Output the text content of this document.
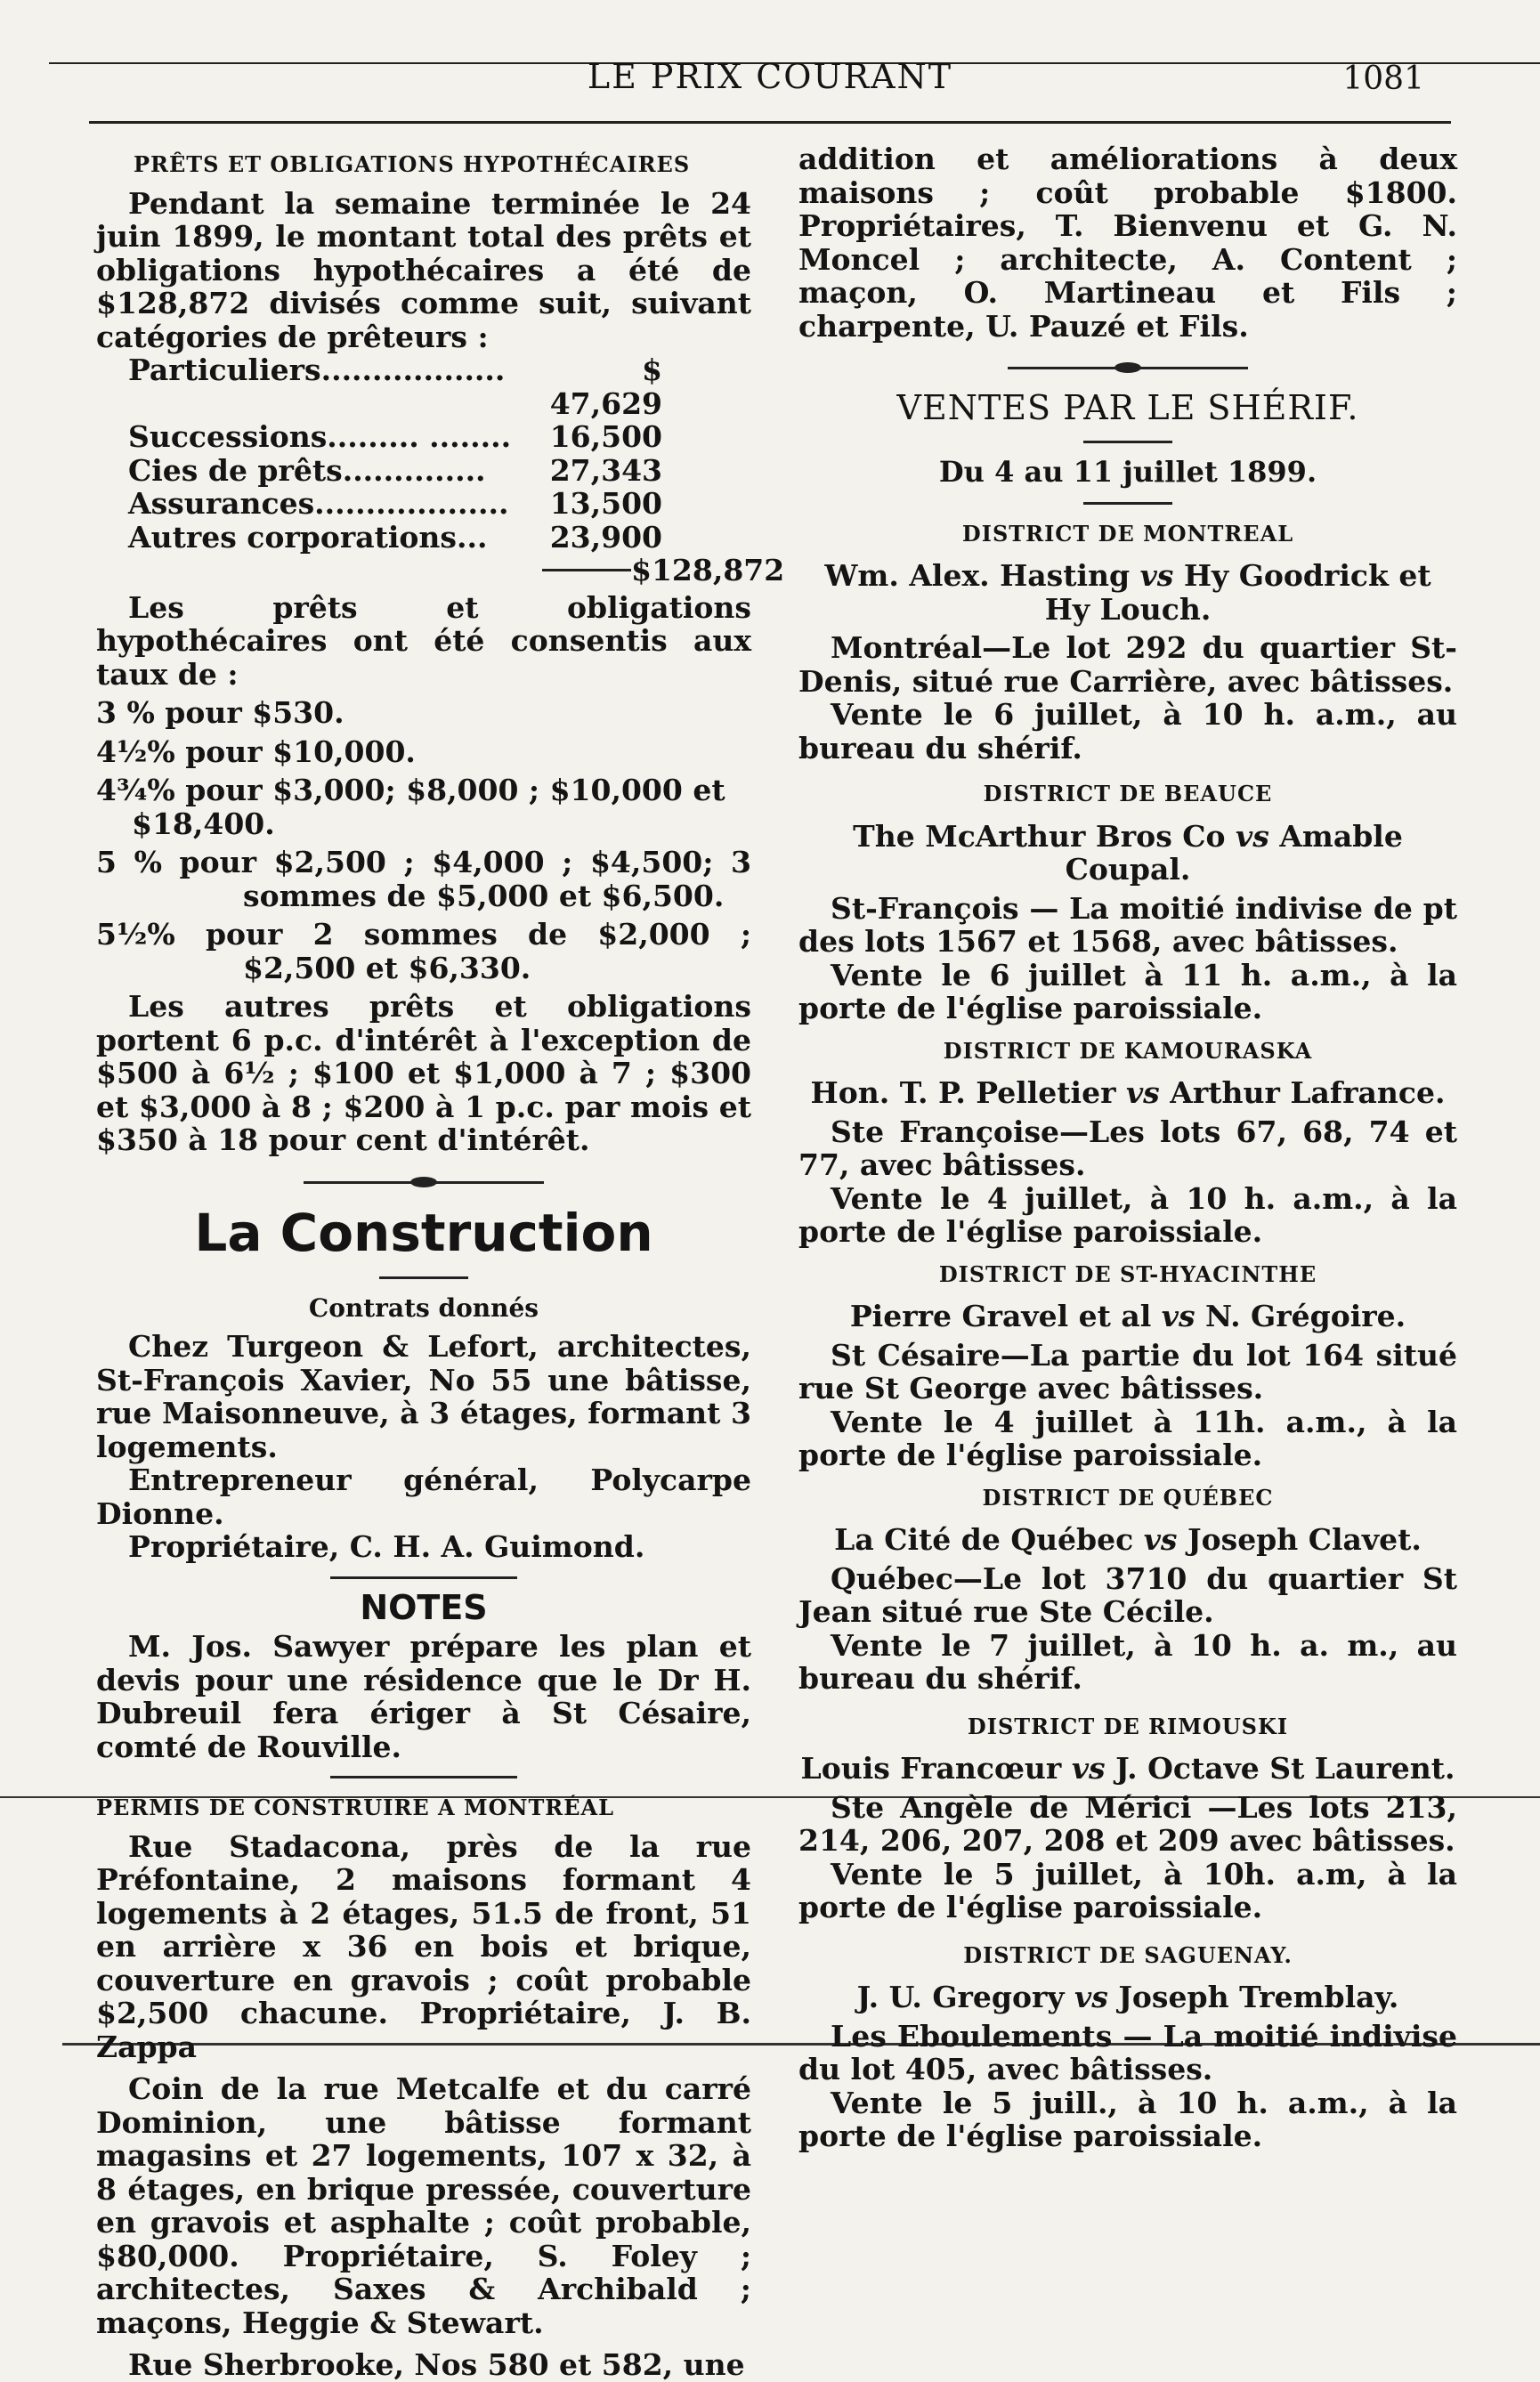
LE PRIX COURANT	1081

PRÊTS ET OBLIGATIONS HYPOTHÉCAIRES

Pendant la semaine terminée le 24 juin 1899, le montant total des prêts et obligations hypothécaires a été de $128,872 divisés comme suit, suivant catégories de prêteurs :

Particuliers..................	$ 47,629
Successions......... ........	16,500
Cies de prêts..............	27,343
Assurances...................	13,500
Autres corporations...	23,900
$128,872

Les prêts et obligations hypothécaires ont été consentis aux taux de :

3 % pour $530.

4½% pour $10,000.

4¾% pour $3,000; $8,000 ; $10,000 et $18,400.

5 % pour $2,500 ; $4,000 ; $4,500; 3 sommes de $5,000 et $6,500.

5½% pour 2 sommes de $2,000 ; $2,500 et $6,330.

Les autres prêts et obligations portent 6 p.c. d'intérêt à l'exception de $500 à 6½ ; $100 et $1,000 à 7 ; $300 et $3,000 à 8 ; $200 à 1 p.c. par mois et $350 à 18 pour cent d'intérêt.

La Construction

Contrats donnés

Chez Turgeon & Lefort, architectes, St-François Xavier, No 55 une bâtisse, rue Maisonneuve, à 3 étages, formant 3 logements.

Entrepreneur général, Polycarpe Dionne.

Propriétaire, C. H. A. Guimond.

NOTES

M. Jos. Sawyer prépare les plan et devis pour une résidence que le Dr H. Dubreuil fera ériger à St Césaire, comté de Rouville.

PERMIS DE CONSTRUIRE A MONTRÉAL

Rue Stadacona, près de la rue Préfontaine, 2 maisons formant 4 logements à 2 étages, 51.5 de front, 51 en arrière x 36 en bois et brique, couverture en gravois ; coût probable $2,500 chacune. Propriétaire, J. B. Zappa

Coin de la rue Metcalfe et du carré Dominion, une bâtisse formant magasins et 27 logements, 107 x 32, à 8 étages, en brique pressée, couverture en gravois et asphalte ; coût probable, $80,000. Propriétaire, S. Foley ; architectes, Saxes & Archibald ; maçons, Heggie & Stewart.

Rue Sherbrooke, Nos 580 et 582, une

addition et améliorations à deux maisons ; coût probable $1800. Propriétaires, T. Bienvenu et G. N. Moncel ; architecte, A. Content ; maçon, O. Martineau et Fils ; charpente, U. Pauzé et Fils.

VENTES PAR LE SHÉRIF.

Du 4 au 11 juillet 1899.

DISTRICT DE MONTREAL

Wm. Alex. Hasting vs Hy Goodrick et Hy Louch.

Montréal—Le lot 292 du quartier St-Denis, situé rue Carrière, avec bâtisses.

Vente le 6 juillet, à 10 h. a.m., au bureau du shérif.

DISTRICT DE BEAUCE

The McArthur Bros Co vs Amable Coupal.

St-François — La moitié indivise de pt des lots 1567 et 1568, avec bâtisses.

Vente le 6 juillet à 11 h. a.m., à la porte de l'église paroissiale.

DISTRICT DE KAMOURASKA

Hon. T. P. Pelletier vs Arthur Lafrance.

Ste Françoise—Les lots 67, 68, 74 et 77, avec bâtisses.

Vente le 4 juillet, à 10 h. a.m., à la porte de l'église paroissiale.

DISTRICT DE ST-HYACINTHE

Pierre Gravel et al vs N. Grégoire.

St Césaire—La partie du lot 164 situé rue St George avec bâtisses.

Vente le 4 juillet à 11h. a.m., à la porte de l'église paroissiale.

DISTRICT DE QUÉBEC

La Cité de Québec vs Joseph Clavet.

Québec—Le lot 3710 du quartier St Jean situé rue Ste Cécile.

Vente le 7 juillet, à 10 h. a. m., au bureau du shérif.

DISTRICT DE RIMOUSKI

Louis Francœur vs J. Octave St Laurent.

Ste Angèle de Mérici —Les lots 213, 214, 206, 207, 208 et 209 avec bâtisses.

Vente le 5 juillet, à 10h. a.m, à la porte de l'église paroissiale.

DISTRICT DE SAGUENAY.

J. U. Gregory vs Joseph Tremblay.

Les Eboulements — La moitié indivise du lot 405, avec bâtisses.

Vente le 5 juill., à 10 h. a.m., à la porte de l'église paroissiale.
